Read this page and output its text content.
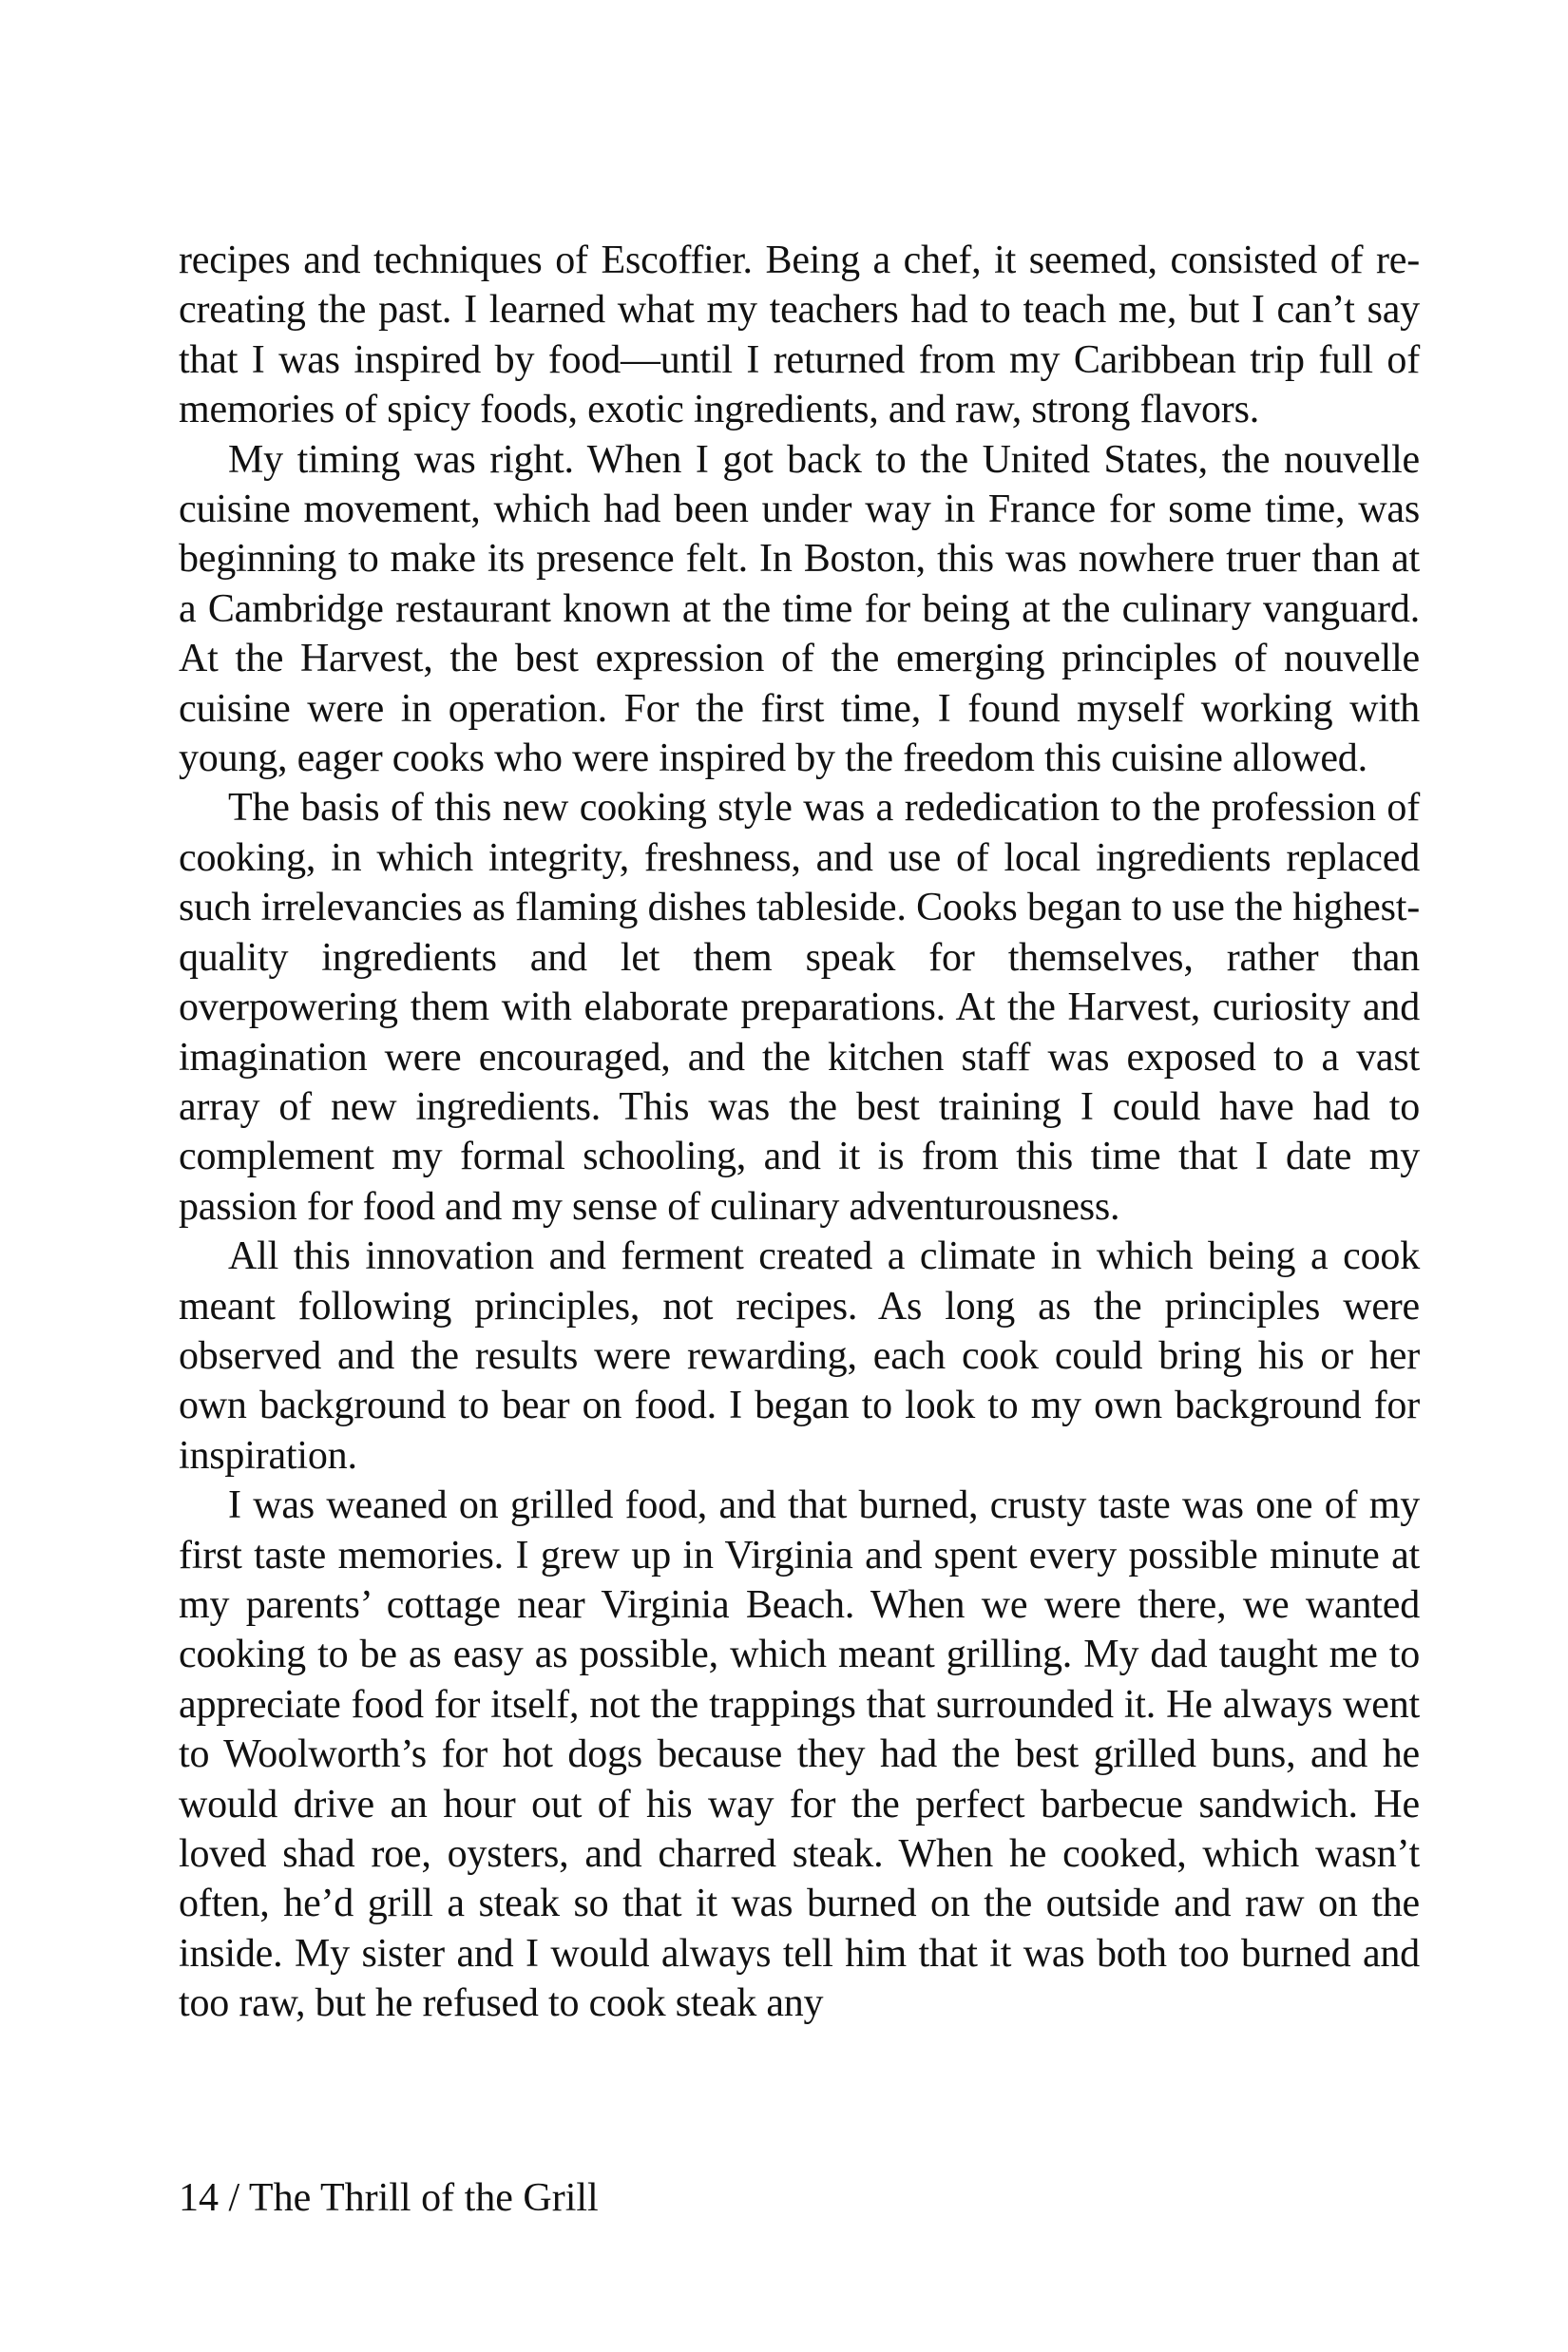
recipes and techniques of Escoffier. Being a chef, it seemed, consisted of re-creating the past. I learned what my teachers had to teach me, but I can’t say that I was inspired by food—until I returned from my Caribbean trip full of memories of spicy foods, exotic ingredients, and raw, strong flavors.

My timing was right. When I got back to the United States, the nouvelle cuisine movement, which had been under way in France for some time, was beginning to make its presence felt. In Boston, this was nowhere truer than at a Cambridge restaurant known at the time for being at the culinary vanguard. At the Harvest, the best expression of the emerging principles of nouvelle cuisine were in operation. For the first time, I found myself working with young, eager cooks who were inspired by the freedom this cuisine allowed.

The basis of this new cooking style was a rededication to the profession of cooking, in which integrity, freshness, and use of local ingredients replaced such irrelevancies as flaming dishes tableside. Cooks began to use the highest-quality ingredients and let them speak for themselves, rather than overpowering them with elaborate preparations. At the Harvest, curiosity and imagination were encouraged, and the kitchen staff was exposed to a vast array of new ingredients. This was the best training I could have had to complement my formal schooling, and it is from this time that I date my passion for food and my sense of culinary adventurousness.

All this innovation and ferment created a climate in which being a cook meant following principles, not recipes. As long as the principles were observed and the results were rewarding, each cook could bring his or her own background to bear on food. I began to look to my own background for inspiration.

I was weaned on grilled food, and that burned, crusty taste was one of my first taste memories. I grew up in Virginia and spent every possible minute at my parents’ cottage near Virginia Beach. When we were there, we wanted cooking to be as easy as possible, which meant grilling. My dad taught me to appreciate food for itself, not the trappings that surrounded it. He always went to Woolworth’s for hot dogs because they had the best grilled buns, and he would drive an hour out of his way for the perfect barbecue sandwich. He loved shad roe, oysters, and charred steak. When he cooked, which wasn’t often, he’d grill a steak so that it was burned on the outside and raw on the inside. My sister and I would always tell him that it was both too burned and too raw, but he refused to cook steak any

14 / The Thrill of the Grill
